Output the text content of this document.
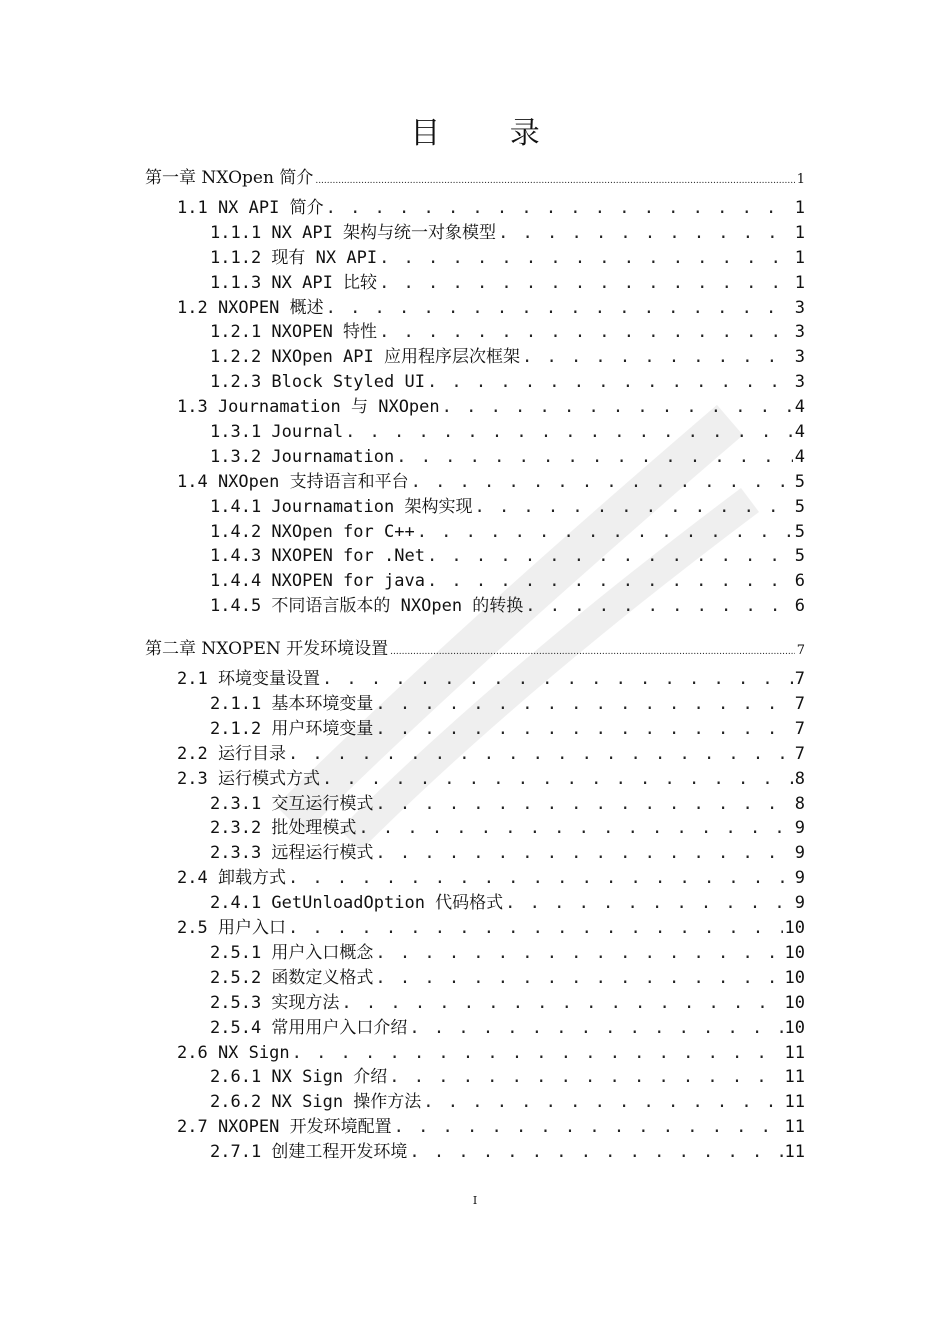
目 录
第一章 NXOpen 简介 .....	1
1.1 NX API 简介 . . .	1
1.1.1 NX API 架构与统一对象模型 . . .	1
1.1.2 现有 NX API . . .	1
1.1.3 NX API 比较 . . .	1
1.2 NXOPEN 概述 . . .	3
1.2.1 NXOPEN 特性 . . .	3
1.2.2 NXOpen API 应用程序层次框架 . . .	3
1.2.3 Block Styled UI . . .	3
1.3 Journamation 与 NXOpen . . .	4
1.3.1 Journal . . .	4
1.3.2 Journamation . . .	4
1.4 NXOpen 支持语言和平台 . . .	5
1.4.1 Journamation 架构实现 . . .	5
1.4.2 NXOpen for C++ . . .	5
1.4.3 NXOPEN for .Net . . .	5
1.4.4 NXOPEN for java . . .	6
1.4.5 不同语言版本的 NXOpen 的转换 . . .	6
第二章 NXOPEN 开发环境设置 .....	7
2.1 环境变量设置 . . .	7
2.1.1 基本环境变量 . . .	7
2.1.2 用户环境变量 . . .	7
2.2 运行目录 . . .	7
2.3 运行模式方式 . . .	8
2.3.1 交互运行模式 . . .	8
2.3.2 批处理模式 . . .	9
2.3.3 远程运行模式 . . .	9
2.4 卸载方式 . . .	9
2.4.1 GetUnloadOption 代码格式 . . .	9
2.5 用户入口 . . .	10
2.5.1 用户入口概念 . . .	10
2.5.2 函数定义格式 . . .	10
2.5.3 实现方法 . . .	10
2.5.4 常用用户入口介绍 . . .	10
2.6 NX Sign . . .	11
2.6.1 NX Sign 介绍 . . .	11
2.6.2 NX Sign 操作方法 . . .	11
2.7 NXOPEN 开发环境配置 . . .	11
2.7.1 创建工程开发环境 . . .	11
I
